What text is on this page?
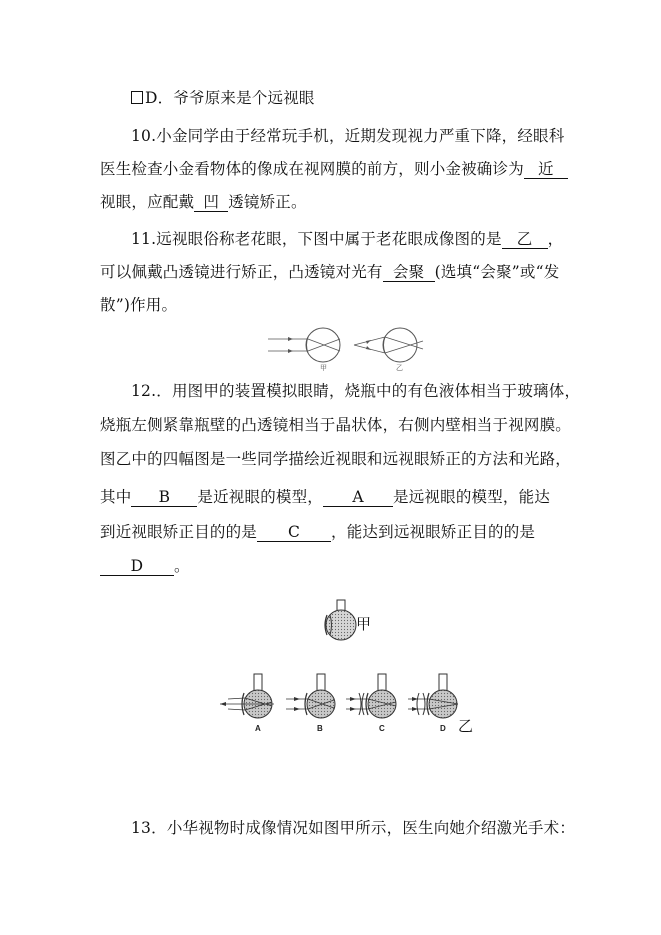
D．爷爷原来是个远视眼
10.小金同学由于经常玩手机，近期发现视力严重下降，经眼科
医生检查小金看物体的像成在视网膜的前方，则小金被确诊为 近
视眼，应配戴 凹 透镜矫正。
11.远视眼俗称老花眼，下图中属于老花眼成像图的是 乙 ，
可以佩戴凸透镜进行矫正，凸透镜对光有 会聚 (选填“会聚”或“发
散”)作用。
甲	乙
12.．用图甲的装置模拟眼睛，烧瓶中的有色液体相当于玻璃体，
烧瓶左侧紧靠瓶壁的凸透镜相当于晶状体，右侧内壁相当于视网膜。
图乙中的四幅图是一些同学描绘近视眼和远视眼矫正的方法和光路，
其中 B 是近视眼的模型， A 是远视眼的模型，能达
到近视眼矫正目的的是 C ，能达到远视眼矫正目的的是
D 。
甲
A	B	C	D 乙
13．小华视物时成像情况如图甲所示，医生向她介绍激光手术：
